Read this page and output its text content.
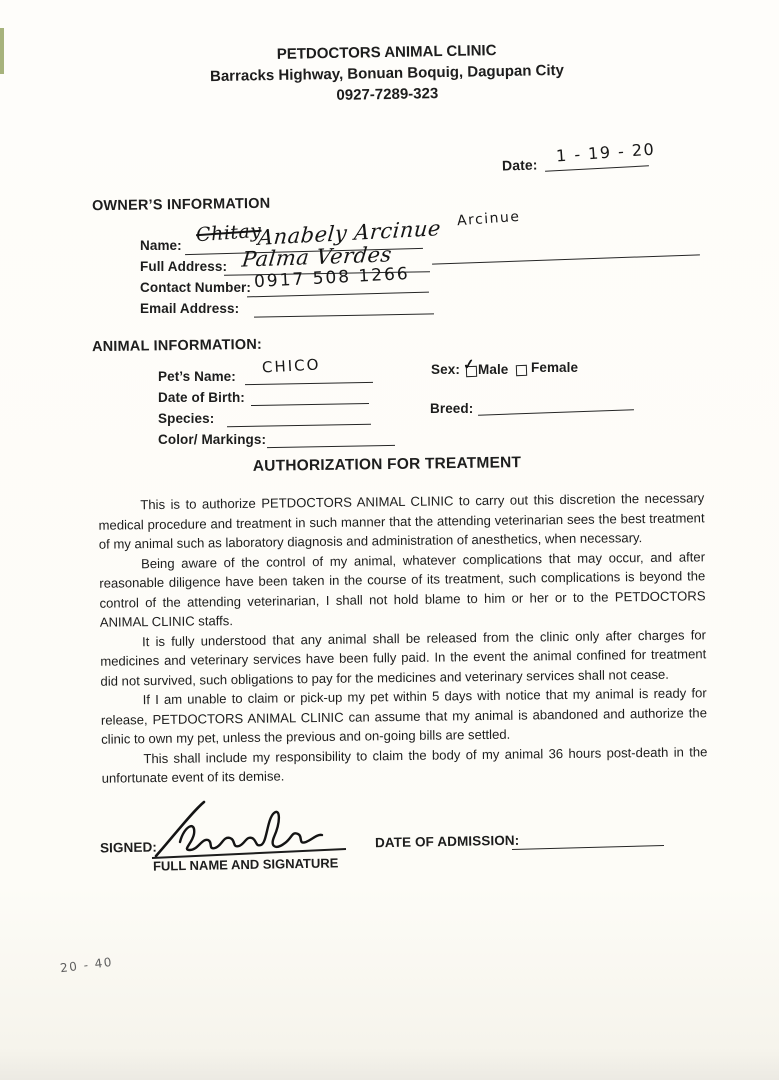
PETDOCTORS ANIMAL CLINIC
Barracks Highway, Bonuan Boquig, Dagupan City
0927-7289-323
Date: 1 - 19 - 20
OWNER’S INFORMATION
Name: Chitay
Anabely Arcinue Arcinue
Full Address: Palma Verdes
Contact Number: 0917 508 1266
Email Address:
ANIMAL INFORMATION:
Pet’s Name: CHICO	Sex: ✓ Male Female
Date of Birth:
Breed:
Species:
Color/ Markings:
AUTHORIZATION FOR TREATMENT

This is to authorize PETDOCTORS ANIMAL CLINIC to carry out this discretion the necessary medical procedure and treatment in such manner that the attending veterinarian sees the best treatment of my animal such as laboratory diagnosis and administration of anesthetics, when necessary.

Being aware of the control of my animal, whatever complications that may occur, and after reasonable diligence have been taken in the course of its treatment, such complications is beyond the control of the attending veterinarian, I shall not hold blame to him or her or to the PETDOCTORS ANIMAL CLINIC staffs.

It is fully understood that any animal shall be released from the clinic only after charges for medicines and veterinary services have been fully paid. In the event the animal confined for treatment did not survived, such obligations to pay for the medicines and veterinary services shall not cease.

If I am unable to claim or pick-up my pet within 5 days with notice that my animal is ready for release, PETDOCTORS ANIMAL CLINIC can assume that my animal is abandoned and authorize the clinic to own my pet, unless the previous and on-going bills are settled.

This shall include my responsibility to claim the body of my animal 36 hours post-death in the unfortunate event of its demise.

SIGNED:
FULL NAME AND SIGNATURE
DATE OF ADMISSION:
20 - 40
